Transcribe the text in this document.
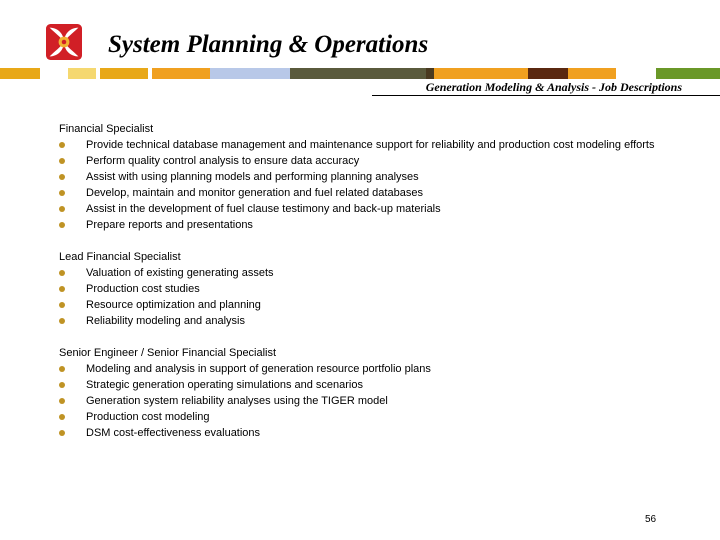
System Planning & Operations
Generation Modeling & Analysis - Job Descriptions
Financial Specialist
Provide technical database management and maintenance support for reliability and production cost modeling efforts
Perform quality control analysis to ensure data accuracy
Assist with using planning models and performing planning analyses
Develop, maintain and monitor generation and fuel related databases
Assist in the development of fuel clause testimony and back-up materials
Prepare reports and presentations
Lead Financial Specialist
Valuation of existing generating assets
Production cost studies
Resource optimization and planning
Reliability modeling and analysis
Senior Engineer / Senior Financial Specialist
Modeling and analysis in support of generation resource portfolio plans
Strategic generation operating simulations and scenarios
Generation system reliability analyses using the TIGER model
Production cost modeling
DSM cost-effectiveness evaluations
56
